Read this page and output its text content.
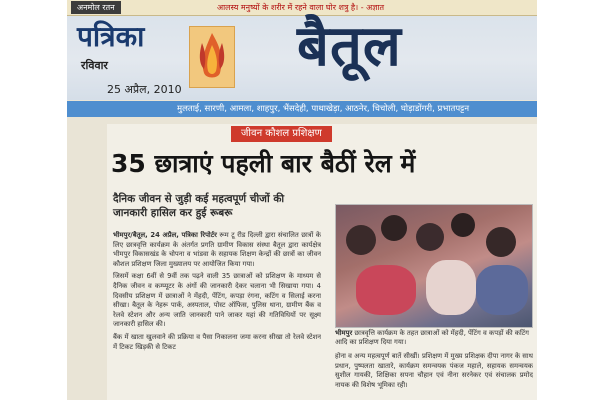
अनमोल रतन	आलस्य मनुष्यों के शरीर में रहने वाला घोर शत्रु है। - अज्ञात
पत्रिका
रविवार
25 अप्रैल, 2010
बैतूल
मुलताई, सारणी, आमला, शाहपुर, भैंसदेही, पाथाखेड़ा, आठनेर, चिचोली, घोड़ाडोंगरी, प्रभातपट्टन
जीवन कौशल प्रशिक्षण
35 छात्राएं पहली बार बैठीं रेल में
दैनिक जीवन से जुड़ी कई महत्वपूर्ण चीजों की जानकारी हासिल कर हुई रूबरू

भीमपुर/बैतूल, 24 अप्रैल, पत्रिका रिपोर्टर रूम टू रीड दिल्ली द्वारा संचालित छात्रों के लिए छात्रवृत्ति कार्यक्रम के अंतर्गत प्रगति ग्रामीण विकास संस्था बैतूल द्वारा कार्यक्षेत्र भीमपुर विकासखंड के चोपना व भांडवा के सहायक शिक्षण केन्द्रों की छात्रों का जीवन कौशल प्रशिक्षण जिला मुख्यालय पर आयोजित किया गया।

जिसमें कक्षा 6वीं से 9वीं तक पढ़ने वाली 35 छात्राओं को प्रशिक्षण के माध्यम से दैनिक जीवन व कम्प्यूटर के अंगों की जानकारी देकर चलाना भी सिखाया गया। 4 दिवसीय प्रशिक्षण में छात्राओं ने मेंहदी, पेंटिंग, कपड़ा रंगना, कटिंग व सिलाई करना सीखा। बैतूल के नेहरू पार्क, अस्पताल, पोस्ट ऑफिस, पुलिस थाना, ग्रामीण बैंक व रेलवे स्टेशन और अन्य जाति जानकारी पाने जाकर यहां की गतिविधियों पर सूक्ष्म जानकारी हासिल की।

बैंक में खाता खुलवाने की प्रक्रिया व पैसा निकालना जमा करना सीखा तो रेलवे स्टेशन में टिकट खिड़की से टिकट

भीमपुर छात्रवृत्ति कार्यक्रम के तहत छात्राओं को मेंहदी, पेंटिंग व कपड़ों की कटिंग आदि का प्रशिक्षण दिया गया।
होना व अन्य महत्वपूर्ण बातें सीखीं। प्रशिक्षण में मुख्य प्रशिक्षक दीपा नागर के साथ प्रधान, पुष्पलता खातारे, कार्यक्रम समन्वयक पंकज महाले, सहायक समन्वयक सुशील गायकी, शिक्षिका सपना चौहान एवं नीना सरनेकर एवं संचालक प्रमोद नायक की विशेष भूमिका रही।
